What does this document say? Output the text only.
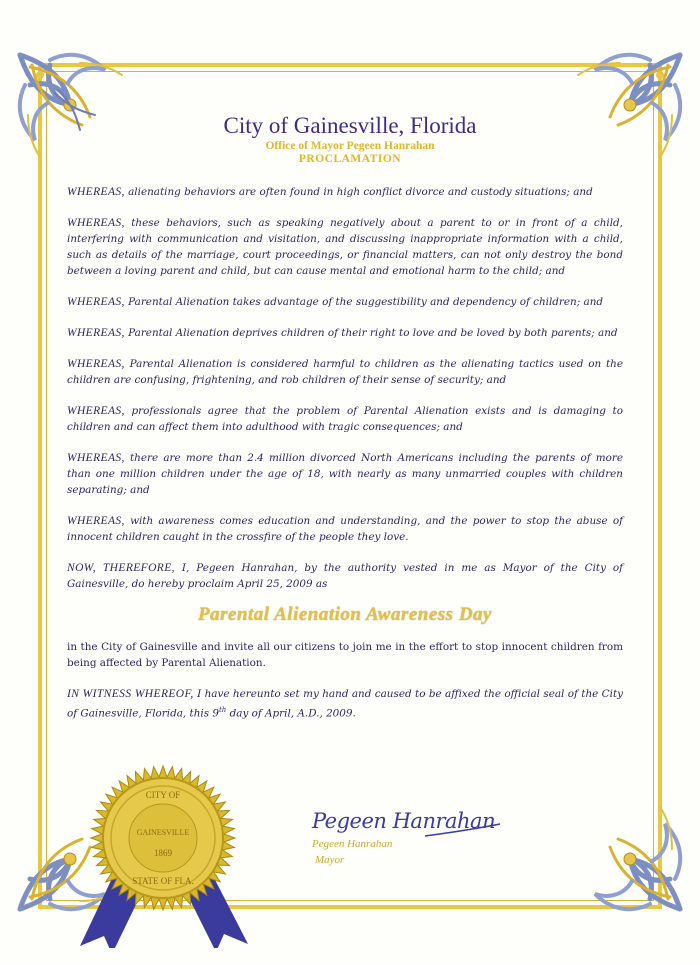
City of Gainesville, Florida
Office of Mayor Pegeen Hanrahan
PROCLAMATION

WHEREAS, alienating behaviors are often found in high conflict divorce and custody situations; and

WHEREAS, these behaviors, such as speaking negatively about a parent to or in front of a child, interfering with communication and visitation, and discussing inappropriate information with a child, such as details of the marriage, court proceedings, or financial matters, can not only destroy the bond between a loving parent and child, but can cause mental and emotional harm to the child; and

WHEREAS, Parental Alienation takes advantage of the suggestibility and dependency of children; and

WHEREAS, Parental Alienation deprives children of their right to love and be loved by both parents; and

WHEREAS, Parental Alienation is considered harmful to children as the alienating tactics used on the children are confusing, frightening, and rob children of their sense of security; and

WHEREAS, professionals agree that the problem of Parental Alienation exists and is damaging to children and can affect them into adulthood with tragic consequences; and

WHEREAS, there are more than 2.4 million divorced North Americans including the parents of more than one million children under the age of 18, with nearly as many unmarried couples with children separating; and

WHEREAS, with awareness comes education and understanding, and the power to stop the abuse of innocent children caught in the crossfire of the people they love.

NOW, THEREFORE, I, Pegeen Hanrahan, by the authority vested in me as Mayor of the City of Gainesville, do hereby proclaim April 25, 2009 as

Parental Alienation Awareness Day

in the City of Gainesville and invite all our citizens to join me in the effort to stop innocent children from being affected by Parental Alienation.

IN WITNESS WHEREOF, I have hereunto set my hand and caused to be affixed the official seal of the City of Gainesville, Florida, this 9th day of April, A.D., 2009.

CITY OF
GAINESVILLE
1869
STATE OF FLA.
Pegeen Hanrahan
Pegeen Hanrahan
Mayor
